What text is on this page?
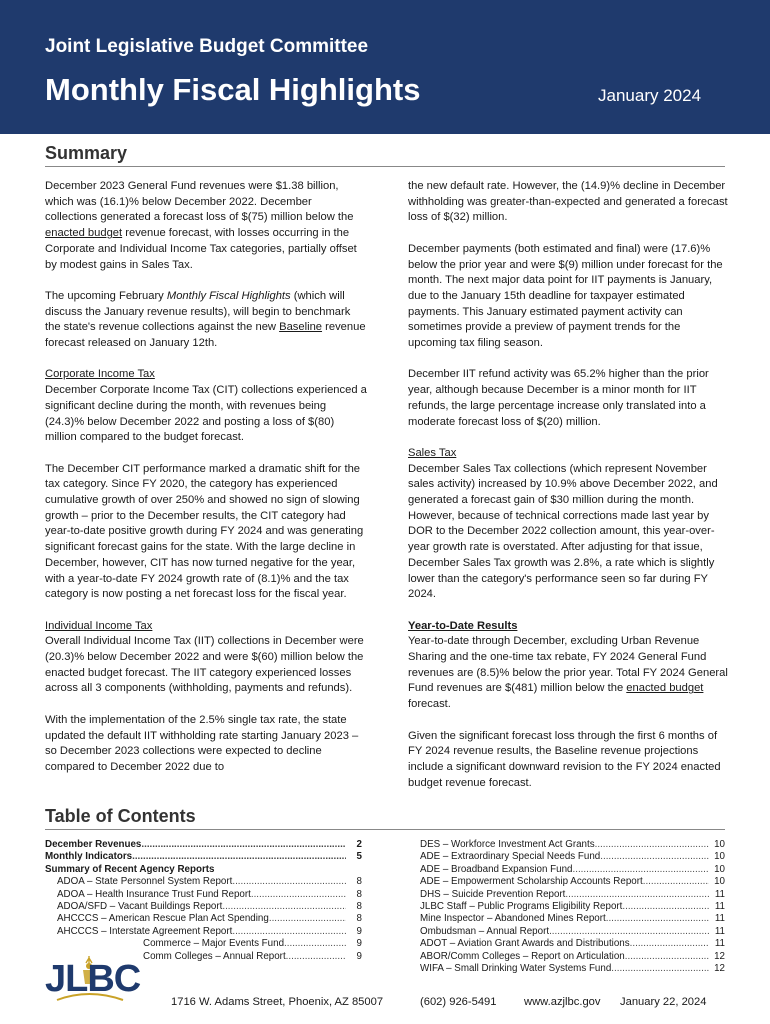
Joint Legislative Budget Committee
Monthly Fiscal Highlights	January 2024
Summary

December 2023 General Fund revenues were $1.38 billion, which was (16.1)% below December 2022. December collections generated a forecast loss of $(75) million below the enacted budget revenue forecast, with losses occurring in the Corporate and Individual Income Tax categories, partially offset by modest gains in Sales Tax.

The upcoming February Monthly Fiscal Highlights (which will discuss the January revenue results), will begin to benchmark the state's revenue collections against the new Baseline revenue forecast released on January 12th.

Corporate Income Tax
December Corporate Income Tax (CIT) collections experienced a significant decline during the month, with revenues being (24.3)% below December 2022 and posting a loss of $(80) million compared to the budget forecast.

The December CIT performance marked a dramatic shift for the tax category. Since FY 2020, the category has experienced cumulative growth of over 250% and showed no sign of slowing growth – prior to the December results, the CIT category had year-to-date positive growth during FY 2024 and was generating significant forecast gains for the state. With the large decline in December, however, CIT has now turned negative for the year, with a year-to-date FY 2024 growth rate of (8.1)% and the tax category is now posting a net forecast loss for the fiscal year.

Individual Income Tax
Overall Individual Income Tax (IIT) collections in December were (20.3)% below December 2022 and were $(60) million below the enacted budget forecast. The IIT category experienced losses across all 3 components (withholding, payments and refunds).

With the implementation of the 2.5% single tax rate, the state updated the default IIT withholding rate starting January 2023 – so December 2023 collections were expected to decline compared to December 2022 due to

the new default rate. However, the (14.9)% decline in December withholding was greater-than-expected and generated a forecast loss of $(32) million.

December payments (both estimated and final) were (17.6)% below the prior year and were $(9) million under forecast for the month. The next major data point for IIT payments is January, due to the January 15th deadline for taxpayer estimated payments. This January estimated payment activity can sometimes provide a preview of payment trends for the upcoming tax filing season.

December IIT refund activity was 65.2% higher than the prior year, although because December is a minor month for IIT refunds, the large percentage increase only translated into a moderate forecast loss of $(20) million.

Sales Tax
December Sales Tax collections (which represent November sales activity) increased by 10.9% above December 2022, and generated a forecast gain of $30 million during the month. However, because of technical corrections made last year by DOR to the December 2022 collection amount, this year-over-year growth rate is overstated. After adjusting for that issue, December Sales Tax growth was 2.8%, a rate which is slightly lower than the category's performance seen so far during FY 2024.

Year-to-Date Results
Year-to-date through December, excluding Urban Revenue Sharing and the one-time tax rebate, FY 2024 General Fund revenues are (8.5)% below the prior year. Total FY 2024 General Fund revenues are $(481) million below the enacted budget forecast.

Given the significant forecast loss through the first 6 months of FY 2024 revenue results, the Baseline revenue projections include a significant downward revision to the FY 2024 enacted budget revenue forecast.

Table of Contents
December Revenues .....	2
Monthly Indicators .....	5
Summary of Recent Agency Reports
ADOA – State Personnel System Report .....	8
ADOA – Health Insurance Trust Fund Report .....	8
ADOA/SFD – Vacant Buildings Report .....	8
AHCCCS – American Rescue Plan Act Spending .....	8
AHCCCS – Interstate Agreement Report .....	9
Commerce – Major Events Fund .....	9
Comm Colleges – Annual Report .....	9
DES – Workforce Investment Act Grants .....	10
ADE – Extraordinary Special Needs Fund .....	10
ADE – Broadband Expansion Fund .....	10
ADE – Empowerment Scholarship Accounts Report .....	10
DHS – Suicide Prevention Report .....	11
JLBC Staff – Public Programs Eligibility Report .....	11
Mine Inspector – Abandoned Mines Report .....	11
Ombudsman – Annual Report .....	11
ADOT – Aviation Grant Awards and Distributions .....	11
ABOR/Comm Colleges – Report on Articulation .....	12
WIFA – Small Drinking Water Systems Fund .....	12
JLBC
1716 W. Adams Street, Phoenix, AZ 85007	(602) 926-5491 www.azjlbc.gov January 22, 2024
